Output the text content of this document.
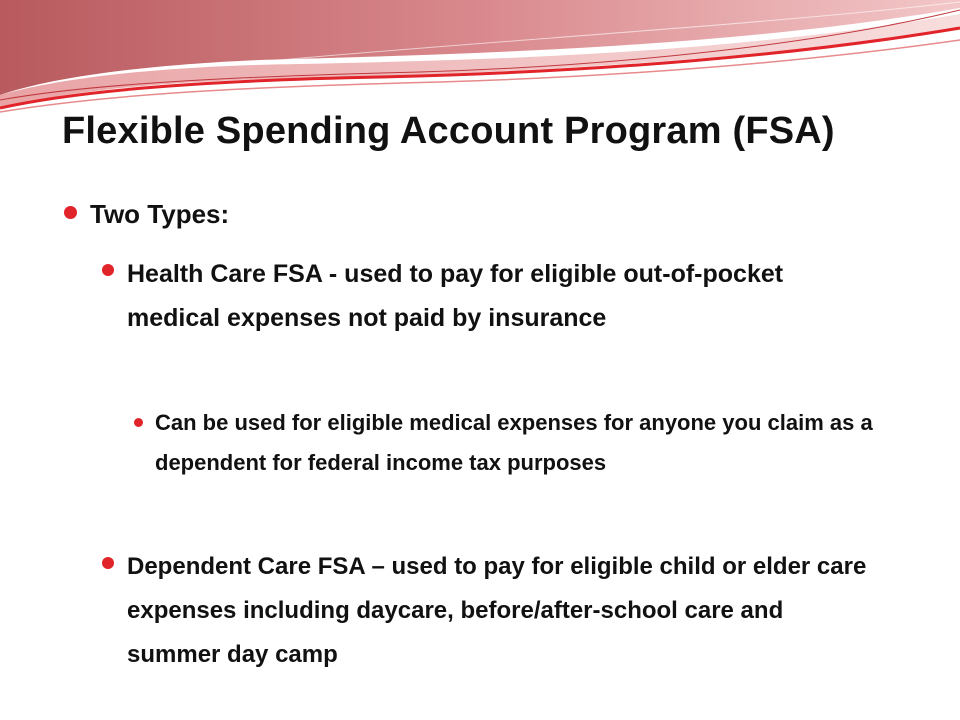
Flexible Spending Account Program (FSA)
Two Types:
Health Care FSA - used to pay for eligible out-of-pocket medical expenses not paid by insurance
Can be used for eligible medical expenses for anyone you claim as a dependent for federal income tax purposes
Dependent Care FSA – used to pay for eligible child or elder care expenses including daycare, before/after-school care and summer day camp
